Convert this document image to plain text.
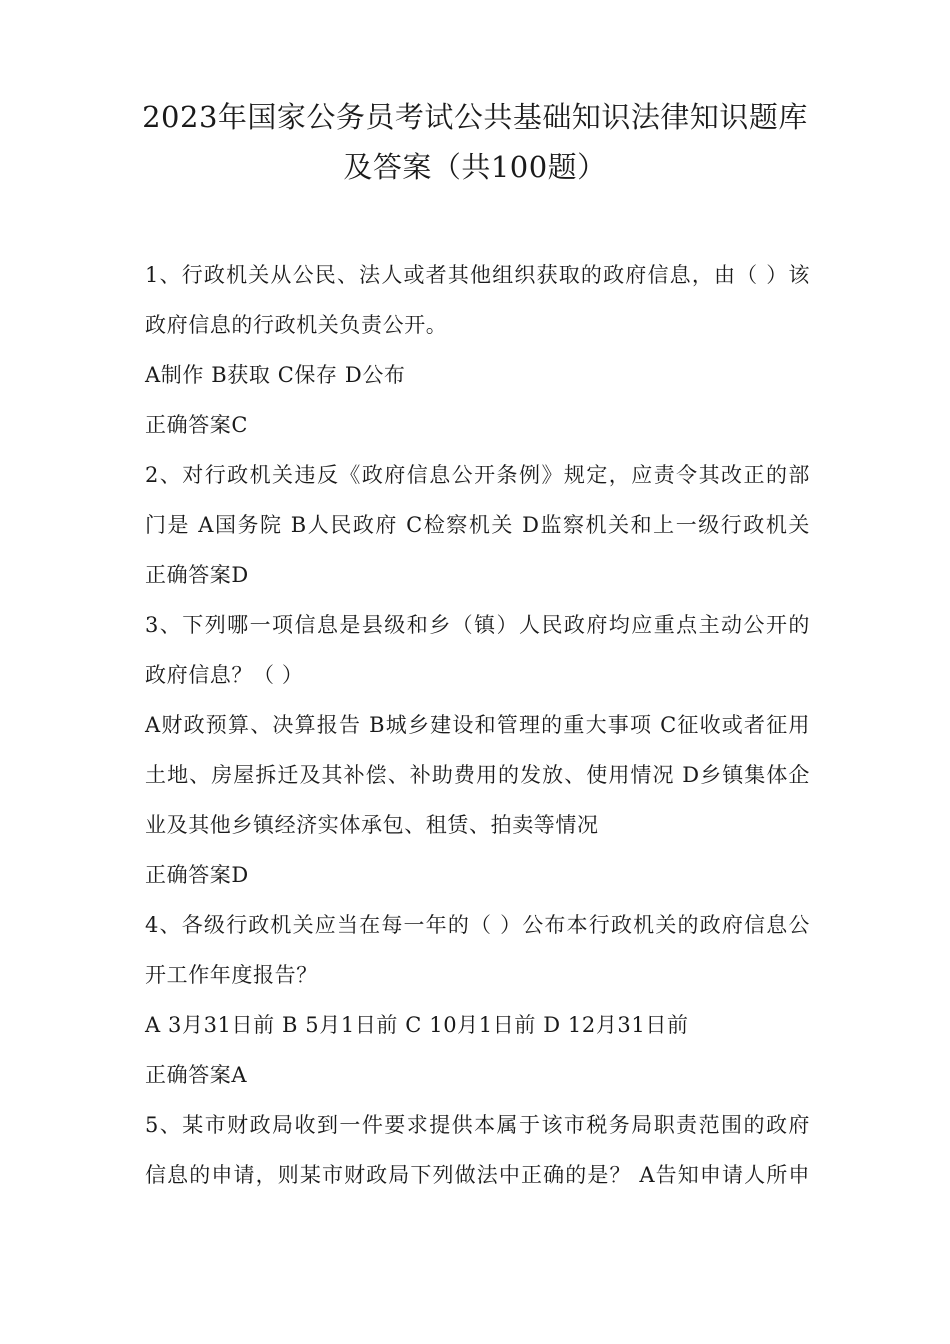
2023年国家公务员考试公共基础知识法律知识题库
及答案（共100题）
1、行政机关从公民、法人或者其他组织获取的政府信息，由（ ）该
政府信息的行政机关负责公开。
A制作 B获取 C保存 D公布
正确答案C
2、对行政机关违反《政府信息公开条例》规定，应责令其改正的部
门是 A国务院 B人民政府 C检察机关 D监察机关和上一级行政机关
正确答案D
3、下列哪一项信息是县级和乡（镇）人民政府均应重点主动公开的
政府信息？（ ）
A财政预算、决算报告 B城乡建设和管理的重大事项 C征收或者征用
土地、房屋拆迁及其补偿、补助费用的发放、使用情况 D乡镇集体企
业及其他乡镇经济实体承包、租赁、拍卖等情况
正确答案D
4、各级行政机关应当在每一年的（ ）公布本行政机关的政府信息公
开工作年度报告？
A 3月31日前 B 5月1日前 C 10月1日前 D 12月31日前
正确答案A
5、某市财政局收到一件要求提供本属于该市税务局职责范围的政府
信息的申请，则某市财政局下列做法中正确的是？ A告知申请人所申
